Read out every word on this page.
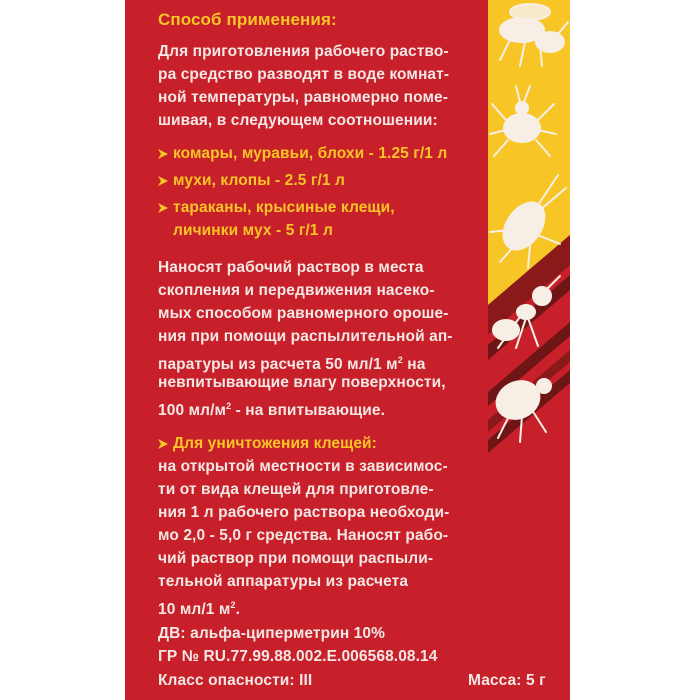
Способ применения:
Для приготовления рабочего раство-
ра средство разводят в воде комнат-
ной температуры, равномерно поме-
шивая, в следующем соотношении:
комары, муравьи, блохи - 1.25 г/1 л
мухи, клопы - 2.5 г/1 л
тараканы, крысиные клещи,
личинки мух - 5 г/1 л
Наносят рабочий раствор в места
скопления и передвижения насеко-
мых способом равномерного ороше-
ния при помощи распылительной ап-
паратуры из расчета 50 мл/1 $м^2$ на
невпитывающие влагу поверхности,
100 $мл/м^2$ - на впитывающие.
Для уничтожения клещей:
на открытой местности в зависимос-
ти от вида клещей для приготовле-
ния 1 л рабочего раствора необходи-
мо 2,0 - 5,0 г средства. Наносят рабо-
чий раствор при помощи распыли-
тельной аппаратуры из расчета
10 мл/1 $м^2$.
ДВ: альфа-циперметрин 10%
ГР № RU.77.99.88.002.Е.006568.08.14
Класс опасности: III	Масса: 5 г
